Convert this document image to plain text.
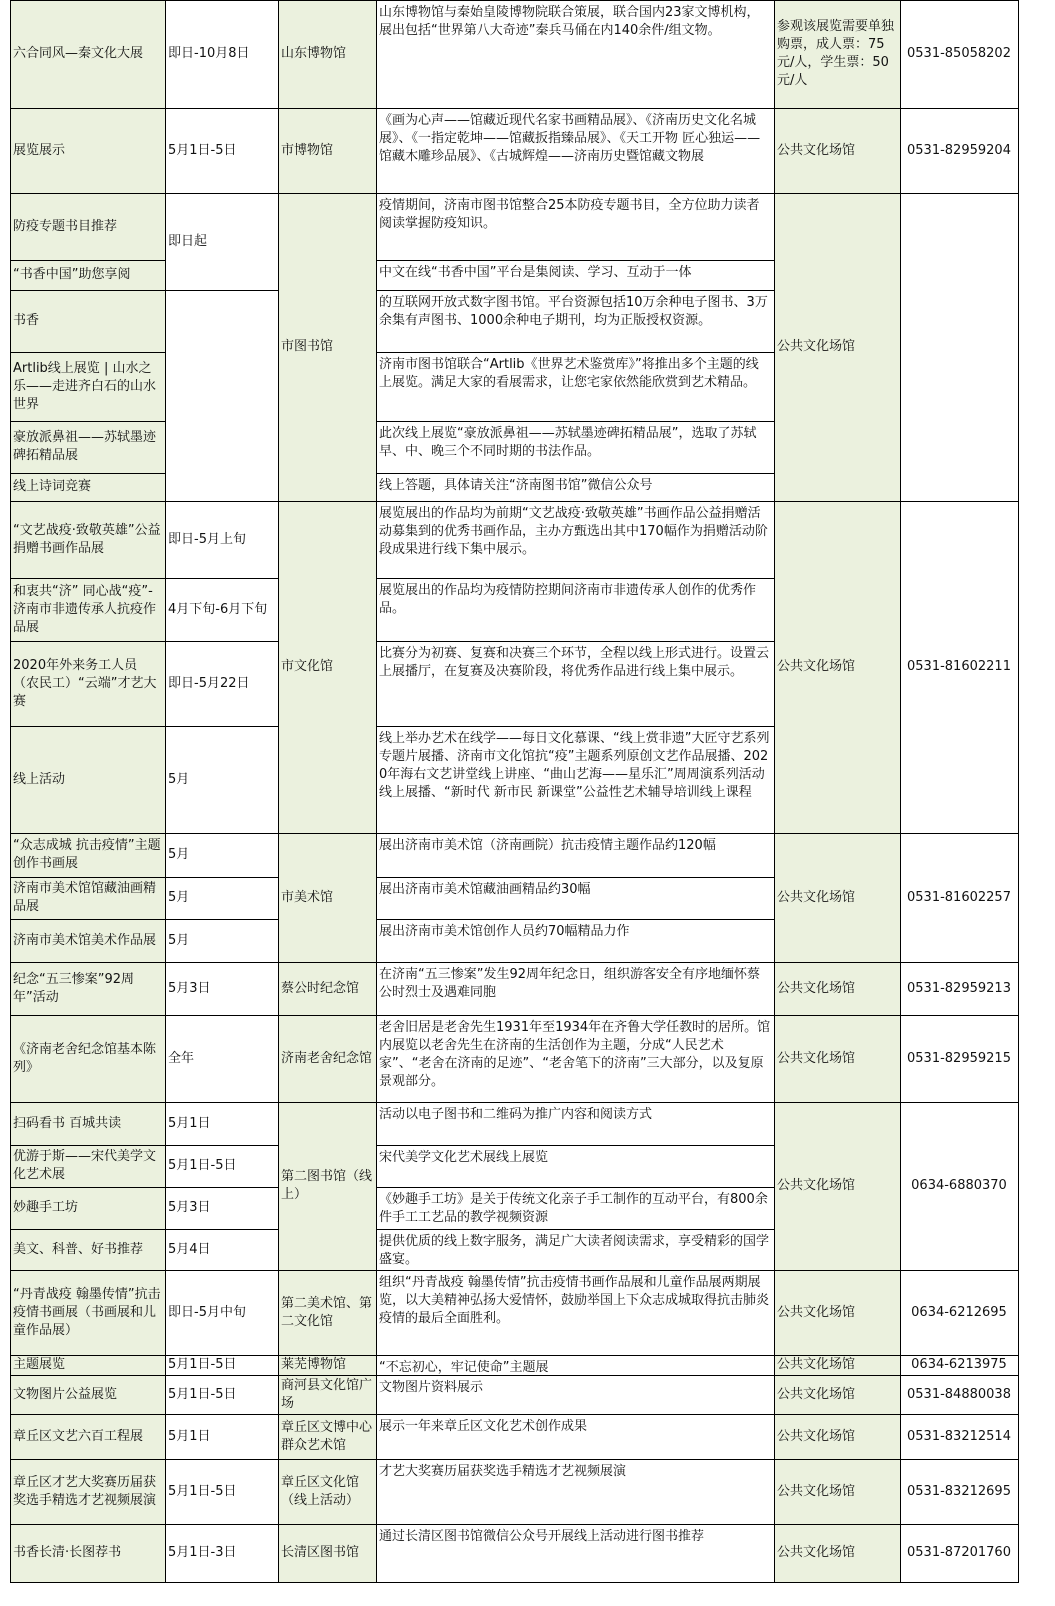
六合同风—秦文化大展
展览展示
防疫专题书目推荐
“书香中国”助您享阅
书香
Artlib线上展览 | 山水之乐——走进齐白石的山水世界
豪放派鼻祖——苏轼墨迹碑拓精品展
线上诗词竞赛
“文艺战疫·致敬英雄”公益捐赠书画作品展
和衷共“济” 同心战“疫”-济南市非遗传承人抗疫作品展
2020年外来务工人员（农民工）“云端”才艺大赛
线上活动
“众志成城 抗击疫情”主题创作书画展
济南市美术馆馆藏油画精品展
济南市美术馆美术作品展
纪念“五三惨案”92周年”活动
《济南老舍纪念馆基本陈列》
扫码看书 百城共读
优游于斯——宋代美学文化艺术展
妙趣手工坊
美文、科普、好书推荐
“丹青战疫 翰墨传情”抗击疫情书画展（书画展和儿童作品展）
主题展览
文物图片公益展览
章丘区文艺六百工程展
章丘区才艺大奖赛历届获奖选手精选才艺视频展演
书香长清·长图荐书
即日-10月8日
5月1日-5日
即日起
即日-5月上旬
4月下旬-6月下旬
即日-5月22日
5月
5月
5月
5月
5月3日
全年
5月1日
5月1日-5日
5月3日
5月4日
即日-5月中旬
5月1日-5日
5月1日-5日
5月1日
5月1日-5日
5月1日-3日
山东博物馆
市博物馆
市图书馆
市文化馆
市美术馆
蔡公时纪念馆
济南老舍纪念馆
第二图书馆（线上）
第二美术馆、第二文化馆
莱芜博物馆
商河县文化馆广场
章丘区文博中心群众艺术馆
章丘区文化馆（线上活动）
长清区图书馆
山东博物馆与秦始皇陵博物院联合策展，联合国内23家文博机构，展出包括“世界第八大奇迹”秦兵马俑在内140余件/组文物。
《画为心声——馆藏近现代名家书画精品展》、《济南历史文化名城展》、《一指定乾坤——馆藏扳指臻品展》、《天工开物 匠心独运——馆藏木雕珍品展》、《古城辉煌——济南历史暨馆藏文物展
疫情期间，济南市图书馆整合25本防疫专题书目，全方位助力读者阅读掌握防疫知识。
中文在线“书香中国”平台是集阅读、学习、互动于一体
的互联网开放式数字图书馆。平台资源包括10万余种电子图书、3万余集有声图书、1000余种电子期刊，均为正版授权资源。
济南市图书馆联合“Artlib《世界艺术鉴赏库》”将推出多个主题的线上展览。满足大家的看展需求，让您宅家依然能欣赏到艺术精品。
此次线上展览“豪放派鼻祖——苏轼墨迹碑拓精品展”，选取了苏轼早、中、晚三个不同时期的书法作品。
线上答题，具体请关注“济南图书馆”微信公众号
展览展出的作品均为前期“文艺战疫·致敬英雄”书画作品公益捐赠活动募集到的优秀书画作品，主办方甄选出其中170幅作为捐赠活动阶段成果进行线下集中展示。
展览展出的作品均为疫情防控期间济南市非遗传承人创作的优秀作品。
比赛分为初赛、复赛和决赛三个环节，全程以线上形式进行。设置云上展播厅，在复赛及决赛阶段，将优秀作品进行线上集中展示。
线上举办艺术在线学——每日文化慕课、“线上赏非遗”大匠守艺系列专题片展播、济南市文化馆抗“疫”主题系列原创文艺作品展播、2020年海右文艺讲堂线上讲座、“曲山艺海——星乐汇”周周演系列活动线上展播、“新时代 新市民 新课堂”公益性艺术辅导培训线上课程
展出济南市美术馆（济南画院）抗击疫情主题作品约120幅
展出济南市美术馆藏油画精品约30幅
展出济南市美术馆创作人员约70幅精品力作
在济南“五三惨案”发生92周年纪念日，组织游客安全有序地缅怀蔡公时烈士及遇难同胞
老舍旧居是老舍先生1931年至1934年在齐鲁大学任教时的居所。馆内展览以老舍先生在济南的生活创作为主题，分成“人民艺术家”、“老舍在济南的足迹”、“老舍笔下的济南”三大部分，以及复原景观部分。
活动以电子图书和二维码为推广内容和阅读方式
宋代美学文化艺术展线上展览
《妙趣手工坊》是关于传统文化亲子手工制作的互动平台，有800余件手工工艺品的教学视频资源
提供优质的线上数字服务，满足广大读者阅读需求，享受精彩的国学盛宴。
组织“丹青战疫 翰墨传情”抗击疫情书画作品展和儿童作品展两期展览，以大美精神弘扬大爱情怀，鼓励举国上下众志成城取得抗击肺炎疫情的最后全面胜利。
“不忘初心，牢记使命”主题展
文物图片资料展示
展示一年来章丘区文化艺术创作成果
才艺大奖赛历届获奖选手精选才艺视频展演
通过长清区图书馆微信公众号开展线上活动进行图书推荐
参观该展览需要单独购票，成人票：75元/人，学生票：50元/人
公共文化场馆
公共文化场馆
公共文化场馆
公共文化场馆
公共文化场馆
公共文化场馆
公共文化场馆
公共文化场馆
公共文化场馆
公共文化场馆
公共文化场馆
公共文化场馆
公共文化场馆
0531-85058202
0531-82959204
0531-81602211
0531-81602257
0531-82959213
0531-82959215
0634-6880370
0634-6212695
0634-6213975
0531-84880038
0531-83212514
0531-83212695
0531-87201760
